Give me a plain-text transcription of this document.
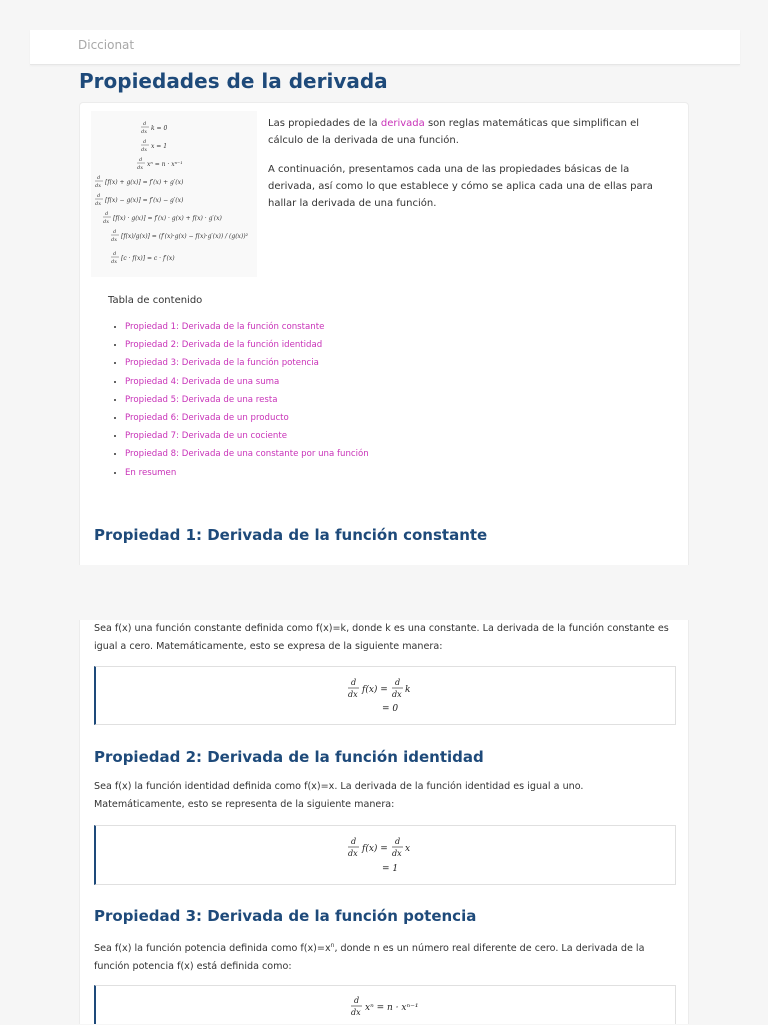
Diccionat
Propiedades de la derivada
d
dx k = 0
d
dx x = 1
d
dx xⁿ = n · xⁿ⁻¹
d
dx [f(x) + g(x)] = f′(x) + g′(x)
d
dx [f(x) − g(x)] = f′(x) − g′(x)
d
dx [f(x) · g(x)] = f′(x) · g(x) + f(x) · g′(x)
d
dx [f(x)/g(x)] = (f′(x)·g(x) − f(x)·g′(x)) / (g(x))²
d
dx [c · f(x)] = c · f′(x)

Las propiedades de la derivada son reglas matemáticas que simplifican el cálculo de la derivada de una función.

A continuación, presentamos cada una de las propiedades básicas de la derivada, así como lo que establece y cómo se aplica cada una de ellas para hallar la derivada de una función.

Tabla de contenido

• Propiedad 1: Derivada de la función constante
• Propiedad 2: Derivada de la función identidad
• Propiedad 3: Derivada de la función potencia
• Propiedad 4: Derivada de una suma
• Propiedad 5: Derivada de una resta
• Propiedad 6: Derivada de un producto
• Propiedad 7: Derivada de un cociente
• Propiedad 8: Derivada de una constante por una función
• En resumen
Propiedad 1: Derivada de la función constante

Sea f(x) una función constante definida como f(x)=k, donde k es una constante. La derivada de la función constante es igual a cero. Matemáticamente, esto se expresa de la siguiente manera:

d
dx f(x) =
d
dx k
= 0
Propiedad 2: Derivada de la función identidad

Sea f(x) la función identidad definida como f(x)=x. La derivada de la función identidad es igual a uno. Matemáticamente, esto se representa de la siguiente manera:

d
dx f(x) =
d
dx x
= 1
Propiedad 3: Derivada de la función potencia

Sea f(x) la función potencia definida como $f(x)=x^n$, donde n es un número real diferente de cero. La derivada de la función potencia f(x) está definida como:

d
dx xⁿ = n · xⁿ⁻¹
